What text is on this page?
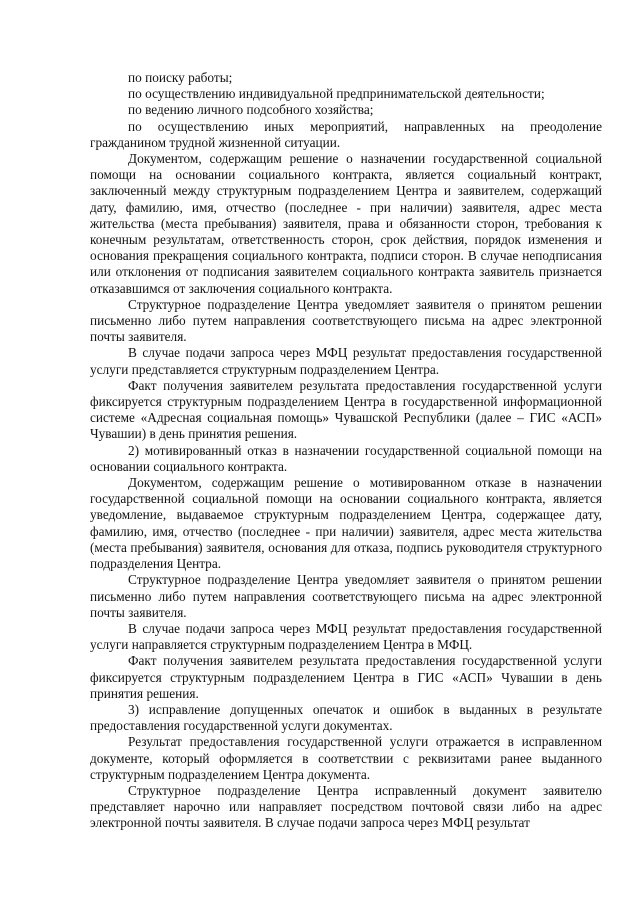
по поиску работы;

по осуществлению индивидуальной предпринимательской деятельности;

по ведению личного подсобного хозяйства;

по осуществлению иных мероприятий, направленных на преодоление гражданином трудной жизненной ситуации.

Документом, содержащим решение о назначении государственной социальной помощи на основании социального контракта, является социальный контракт, заключенный между структурным подразделением Центра и заявителем, содержащий дату, фамилию, имя, отчество (последнее - при наличии) заявителя, адрес места жительства (места пребывания) заявителя, права и обязанности сторон, требования к конечным результатам, ответственность сторон, срок действия, порядок изменения и основания прекращения социального контракта, подписи сторон. В случае неподписания или отклонения от подписания заявителем социального контракта заявитель признается отказавшимся от заключения социального контракта.

Структурное подразделение Центра уведомляет заявителя о принятом решении письменно либо путем направления соответствующего письма на адрес электронной почты заявителя.

В случае подачи запроса через МФЦ результат предоставления государственной услуги представляется структурным подразделением Центра.

Факт получения заявителем результата предоставления государственной услуги фиксируется структурным подразделением Центра в государственной информационной системе «Адресная социальная помощь» Чувашской Республики (далее – ГИС «АСП» Чувашии) в день принятия решения.

2) мотивированный отказ в назначении государственной социальной помощи на основании социального контракта.

Документом, содержащим решение о мотивированном отказе в назначении государственной социальной помощи на основании социального контракта, является уведомление, выдаваемое структурным подразделением Центра, содержащее дату, фамилию, имя, отчество (последнее - при наличии) заявителя, адрес места жительства (места пребывания) заявителя, основания для отказа, подпись руководителя структурного подразделения Центра.

Структурное подразделение Центра уведомляет заявителя о принятом решении письменно либо путем направления соответствующего письма на адрес электронной почты заявителя.

В случае подачи запроса через МФЦ результат предоставления государственной услуги направляется структурным подразделением Центра в МФЦ.

Факт получения заявителем результата предоставления государственной услуги фиксируется структурным подразделением Центра в ГИС «АСП» Чувашии в день принятия решения.

3) исправление допущенных опечаток и ошибок в выданных в результате предоставления государственной услуги документах.

Результат предоставления государственной услуги отражается в исправленном документе, который оформляется в соответствии с реквизитами ранее выданного структурным подразделением Центра документа.

Структурное подразделение Центра исправленный документ заявителю представляет нарочно или направляет посредством почтовой связи либо на адрес электронной почты заявителя. В случае подачи запроса через МФЦ результат
